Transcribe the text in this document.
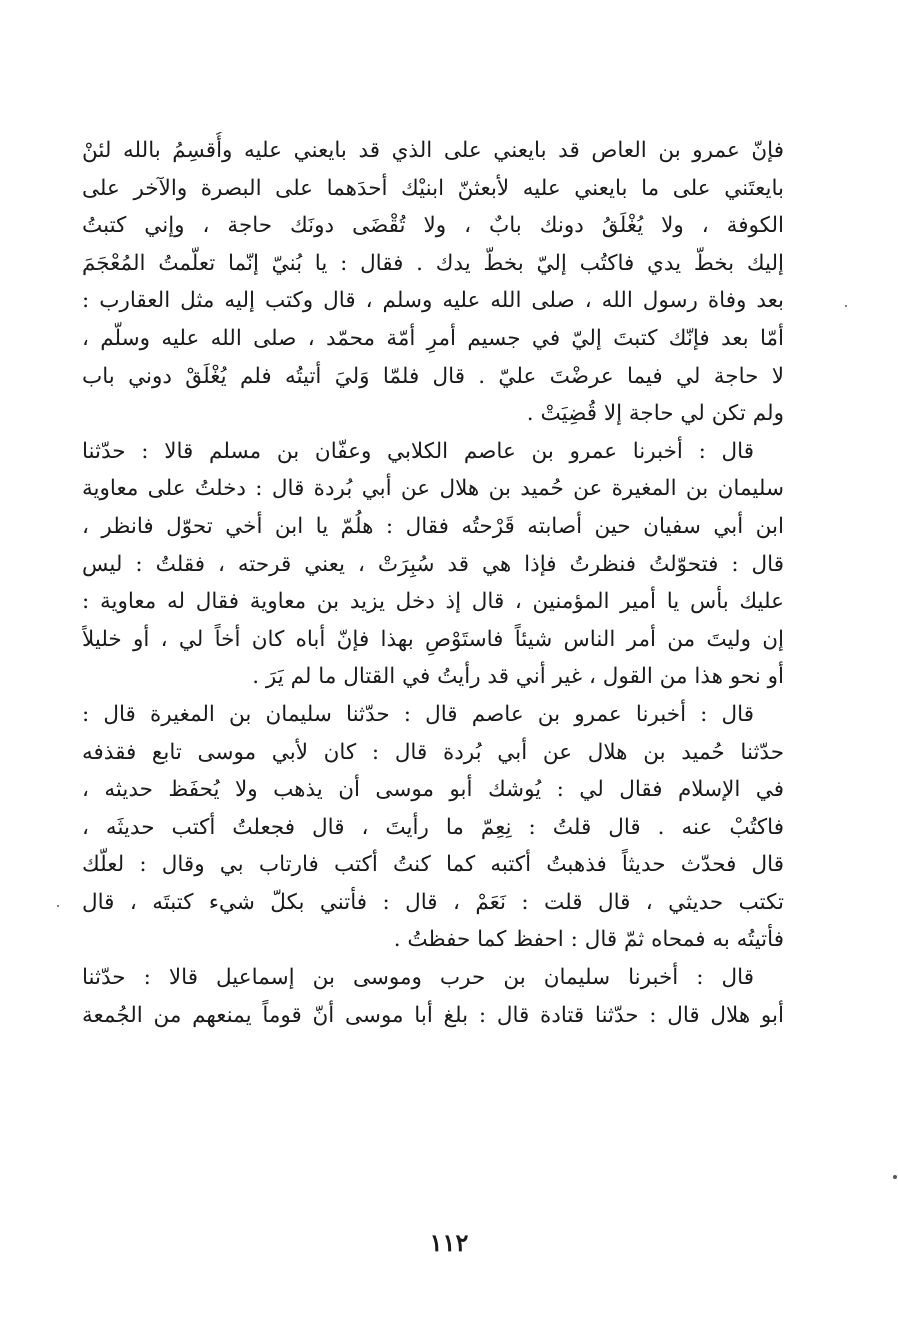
فإنّ عمرو بن العاص قد بايعني على الذي قد بايعني عليه وأُقسِمُ بالله لئنْ
بايعتَني على ما بايعني عليه لأبعثنّ ابنيْك أحدَهما على البصرة والآخر على
الكوفة ، ولا يُغْلَقُ دونك بابٌ ، ولا تُقْضَى دونَك حاجة ، وإني كتبتُ
إليك بخطّ يدي فاكتُب إليّ بخطّ يدك . فقال : يا بُنيّ إنّما تعلّمتُ المُعْجَمَ
بعد وفاة رسول الله ، صلى الله عليه وسلم ، قال وكتب إليه مثل العقارب :
أمّا بعد فإنّك كتبتَ إليّ في جسيم أمرِ أمّة محمّد ، صلى الله عليه وسلّم ،
لا حاجة لي فيما عرضْتَ عليّ . قال فلمّا وَليَ أتيتُه فلم يُغْلَقْ دوني باب
ولم تكن لي حاجة إلا قُضِيَتْ .
قال : أخبرنا عمرو بن عاصم الكلابي وعفّان بن مسلم قالا : حدّثنا
سليمان بن المغيرة عن حُميد بن هلال عن أبي بُردة قال : دخلتُ على معاوية
ابن أبي سفيان حين أصابته قَرْحتُه فقال : هلُمّ يا ابن أخي تحوّل فانظر ،
قال : فتحوّلتُ فنظرتُ فإذا هي قد سُبِرَتْ ، يعني قرحته ، فقلتُ : ليس
عليك بأس يا أمير المؤمنين ، قال إذ دخل يزيد بن معاوية فقال له معاوية :
إن وليتَ من أمر الناس شيئاً فاستَوْصِ بهذا فإنّ أباه كان أخاً لي ، أو خليلاً
أو نحو هذا من القول ، غير أني قد رأيتُ في القتال ما لم يَرَ .
قال : أخبرنا عمرو بن عاصم قال : حدّثنا سليمان بن المغيرة قال :
حدّثنا حُميد بن هلال عن أبي بُردة قال : كان لأبي موسى تابع فقذفه
في الإسلام فقال لي : يُوشك أبو موسى أن يذهب ولا يُحفَظ حديثه ،
فاكتُبْ عنه . قال قلتُ : نِعِمّ ما رأيتَ ، قال فجعلتُ أكتب حديثَه ،
قال فحدّث حديثاً فذهبتُ أكتبه كما كنتُ أكتب فارتاب بي وقال : لعلّك
تكتب حديثي ، قال قلت : نَعَمْ ، قال : فأتني بكلّ شيء كتبتَه ، قال
فأتيتُه به فمحاه ثمّ قال : احفظ كما حفظتُ .
قال : أخبرنا سليمان بن حرب وموسى بن إسماعيل قالا : حدّثنا
أبو هلال قال : حدّثنا قتادة قال : بلغ أبا موسى أنّ قوماً يمنعهم من الجُمعة
١١٢
